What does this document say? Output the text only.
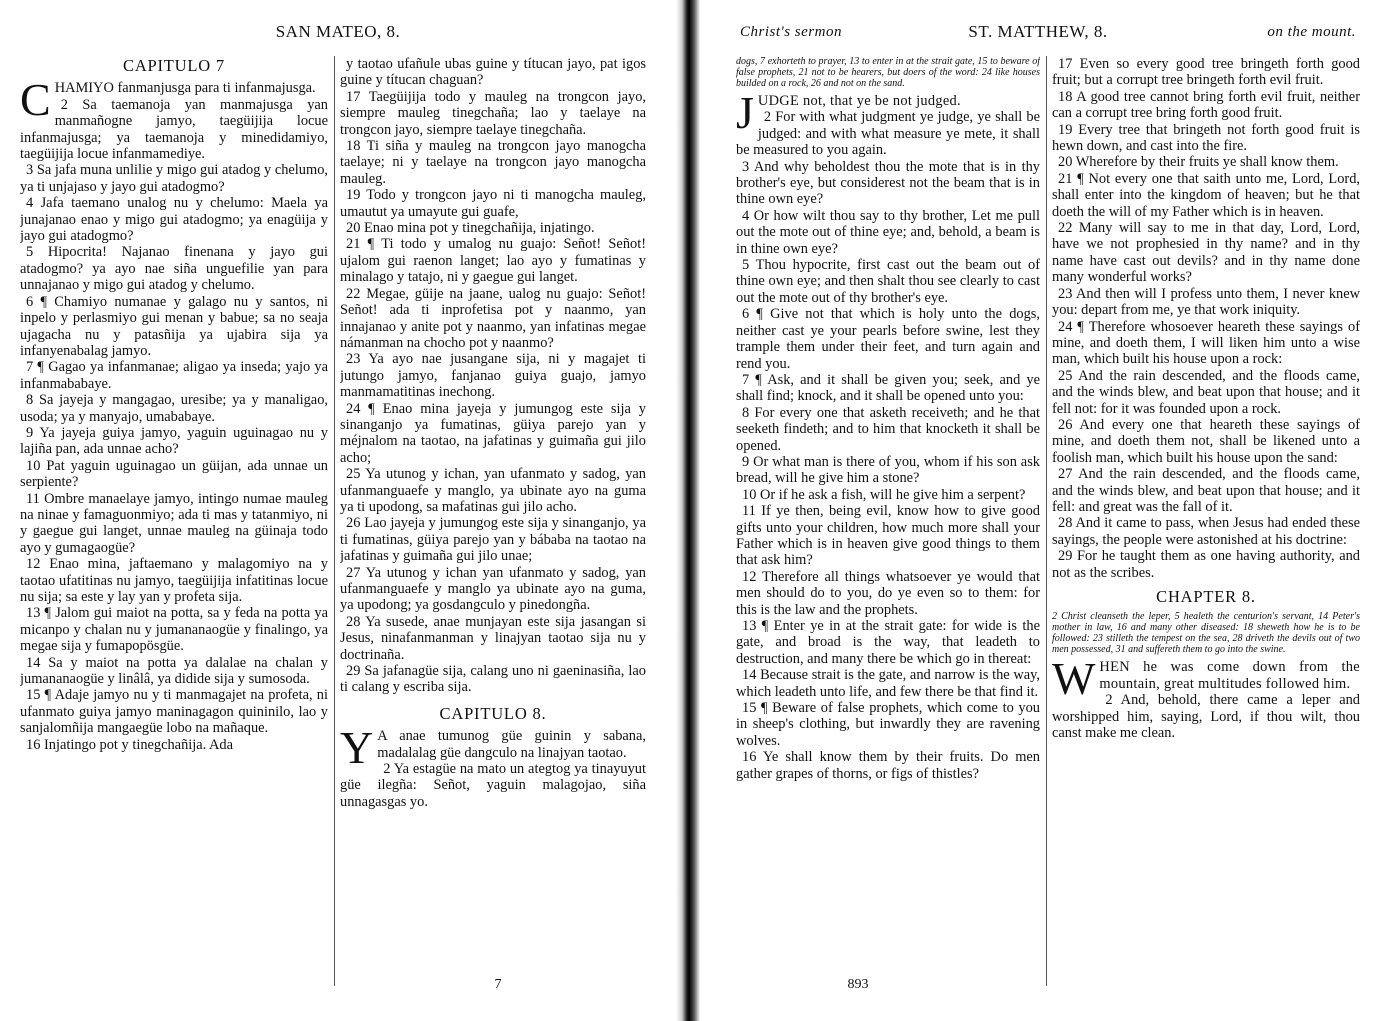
SAN MATEO, 8.
CAPITULO 7

CHAMIYO fanmanjusga para ti infanmajusga.

2 Sa taemanoja yan manmajusga yan manmañogne jamyo, taegüijija locue infanmajusga; ya taemanoja y minedidamiyo, taegüijija locue infanmamediye.

3 Sa jafa muna unlilie y migo gui atadog y chelumo, ya ti unjajaso y jayo gui atadogmo?

4 Jafa taemano unalog nu y chelumo: Maela ya junajanao enao y migo gui atadogmo; ya enagüija y jayo gui atadogmo?

5 Hipocrita! Najanao finenana y jayo gui atadogmo? ya ayo nae siña unguefilie yan para unnajanao y migo gui atadog y chelumo.

6 ¶ Chamiyo numanae y galago nu y santos, ni inpelo y perlasmiyo gui menan y babue; sa no seaja ujagacha nu y patasñija ya ujabira sija ya infanyenabalag jamyo.

7 ¶ Gagao ya infanmanae; aligao ya inseda; yajo ya infanmababaye.

8 Sa jayeja y mangagao, uresibe; ya y manaligao, usoda; ya y manyajo, umababaye.

9 Ya jayeja guiya jamyo, yaguin uguinagao nu y lajiña pan, ada unnae acho?

10 Pat yaguin uguinagao un güijan, ada unnae un serpiente?

11 Ombre manaelaye jamyo, intingo numae mauleg na ninae y famaguonmiyo; ada ti mas y tatanmiyo, ni y gaegue gui langet, unnae mauleg na güinaja todo ayo y gumagaogüe?

12 Enao mina, jaftaemano y malagomiyo na y taotao ufatitinas nu jamyo, taegüijija infatitinas locue nu sija; sa este y lay yan y profeta sija.

13 ¶ Jalom gui maiot na potta, sa y feda na potta ya micanpo y chalan nu y jumananaogüe y finalingo, ya megae sija y fumapopösgüe.

14 Sa y maiot na potta ya dalalae na chalan y jumananaogüe y linâlâ, ya didide sija y sumosoda.

15 ¶ Adaje jamyo nu y ti manmagajet na profeta, ni ufanmato guiya jamyo maninagagon quininilo, lao y sanjalomñija mangaegüe lobo na mañaque.

16 Injatingo pot y tinegchañija. Ada

y taotao ufañule ubas guine y títucan jayo, pat igos guine y títucan chaguan?

17 Taegüijija todo y mauleg na trongcon jayo, siempre mauleg tinegchaña; lao y taelaye na trongcon jayo, siempre taelaye tinegchaña.

18 Ti siña y mauleg na trongcon jayo manogcha taelaye; ni y taelaye na trongcon jayo manogcha mauleg.

19 Todo y trongcon jayo ni ti manogcha mauleg, umautut ya umayute gui guafe,

20 Enao mina pot y tinegchañija, injatingo.

21 ¶ Ti todo y umalog nu guajo: Señot! Señot! ujalom gui raenon langet; lao ayo y fumatinas y minalago y tatajo, ni y gaegue gui langet.

22 Megae, güije na jaane, ualog nu guajo: Señot! Señot! ada ti inprofetisa pot y naanmo, yan innajanao y anite pot y naanmo, yan infatinas megae námanman na chocho pot y naanmo?

23 Ya ayo nae jusangane sija, ni y magajet ti jutungo jamyo, fanjanao guiya guajo, jamyo manmamatitinas inechong.

24 ¶ Enao mina jayeja y jumungog este sija y sinanganjo ya fumatinas, güiya parejo yan y méjnalom na taotao, na jafatinas y guimaña gui jilo acho;

25 Ya utunog y ichan, yan ufanmato y sadog, yan ufanmanguaefe y manglo, ya ubinate ayo na guma ya ti upodong, sa mafatinas gui jilo acho.

26 Lao jayeja y jumungog este sija y sinanganjo, ya ti fumatinas, güiya parejo yan y bábaba na taotao na jafatinas y guimaña gui jilo unae;

27 Ya utunog y ichan yan ufanmato y sadog, yan ufanmanguaefe y manglo ya ubinate ayo na guma, ya upodong; ya gosdangculo y pinedongña.

28 Ya susede, anae munjayan este sija jasangan si Jesus, ninafanmanman y linajyan taotao sija nu y doctrinaña.

29 Sa jafanagüe sija, calang uno ni gaeninasiña, lao ti calang y escriba sija.

CAPITULO 8.

Y A anae tumunog güe guinin y sabana, madalalag güe dangculo na linajyan taotao.

2 Ya estagüe na mato un ategtog ya tinayuyut güe ilegña: Señot, yaguin malagojao, siña unnagasgas yo.

7
Christ's sermon	ST. MATTHEW, 8.	on the mount.
dogs, 7 exhorteth to prayer, 13 to enter in at the strait gate, 15 to beware of false prophets, 21 not to be hearers, but doers of the word: 24 like houses builded on a rock, 26 and not on the sand.

JUDGE not, that ye be not judged.

2 For with what judgment ye judge, ye shall be judged: and with what measure ye mete, it shall be measured to you again.

3 And why beholdest thou the mote that is in thy brother's eye, but considerest not the beam that is in thine own eye?

4 Or how wilt thou say to thy brother, Let me pull out the mote out of thine eye; and, behold, a beam is in thine own eye?

5 Thou hypocrite, first cast out the beam out of thine own eye; and then shalt thou see clearly to cast out the mote out of thy brother's eye.

6 ¶ Give not that which is holy unto the dogs, neither cast ye your pearls before swine, lest they trample them under their feet, and turn again and rend you.

7 ¶ Ask, and it shall be given you; seek, and ye shall find; knock, and it shall be opened unto you:

8 For every one that asketh receiveth; and he that seeketh findeth; and to him that knocketh it shall be opened.

9 Or what man is there of you, whom if his son ask bread, will he give him a stone?

10 Or if he ask a fish, will he give him a serpent?

11 If ye then, being evil, know how to give good gifts unto your children, how much more shall your Father which is in heaven give good things to them that ask him?

12 Therefore all things whatsoever ye would that men should do to you, do ye even so to them: for this is the law and the prophets.

13 ¶ Enter ye in at the strait gate: for wide is the gate, and broad is the way, that leadeth to destruction, and many there be which go in thereat:

14 Because strait is the gate, and narrow is the way, which leadeth unto life, and few there be that find it.

15 ¶ Beware of false prophets, which come to you in sheep's clothing, but inwardly they are ravening wolves.

16 Ye shall know them by their fruits. Do men gather grapes of thorns, or figs of thistles?

17 Even so every good tree bringeth forth good fruit; but a corrupt tree bringeth forth evil fruit.

18 A good tree cannot bring forth evil fruit, neither can a corrupt tree bring forth good fruit.

19 Every tree that bringeth not forth good fruit is hewn down, and cast into the fire.

20 Wherefore by their fruits ye shall know them.

21 ¶ Not every one that saith unto me, Lord, Lord, shall enter into the kingdom of heaven; but he that doeth the will of my Father which is in heaven.

22 Many will say to me in that day, Lord, Lord, have we not prophesied in thy name? and in thy name have cast out devils? and in thy name done many wonderful works?

23 And then will I profess unto them, I never knew you: depart from me, ye that work iniquity.

24 ¶ Therefore whosoever heareth these sayings of mine, and doeth them, I will liken him unto a wise man, which built his house upon a rock:

25 And the rain descended, and the floods came, and the winds blew, and beat upon that house; and it fell not: for it was founded upon a rock.

26 And every one that heareth these sayings of mine, and doeth them not, shall be likened unto a foolish man, which built his house upon the sand:

27 And the rain descended, and the floods came, and the winds blew, and beat upon that house; and it fell: and great was the fall of it.

28 And it came to pass, when Jesus had ended these sayings, the people were astonished at his doctrine:

29 For he taught them as one having authority, and not as the scribes.

CHAPTER 8.
2 Christ cleanseth the leper, 5 healeth the centurion's servant, 14 Peter's mother in law, 16 and many other diseased: 18 sheweth how he is to be followed: 23 stilleth the tempest on the sea, 28 driveth the devils out of two men possessed, 31 and suffereth them to go into the swine.

WHEN he was come down from the mountain, great multitudes followed him.

2 And, behold, there came a leper and worshipped him, saying, Lord, if thou wilt, thou canst make me clean.

893
